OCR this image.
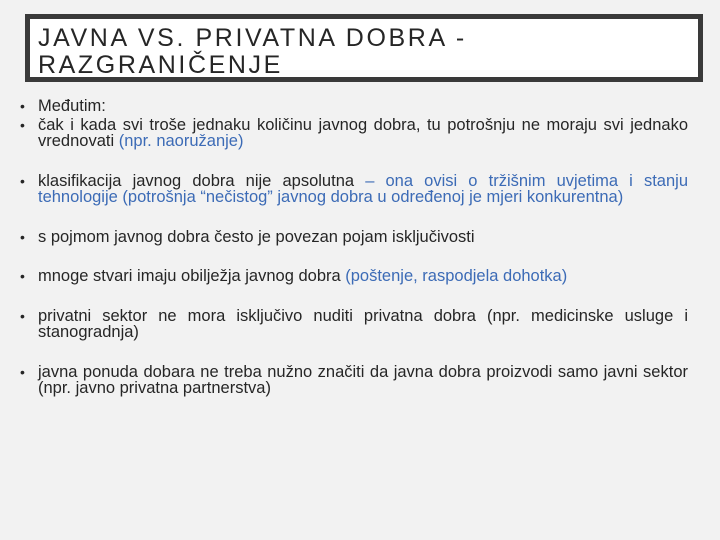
JAVNA VS. PRIVATNA DOBRA -
RAZGRANIČENJE
• Međutim:

• čak i kada svi troše jednaku količinu javnog dobra, tu potrošnju ne moraju svi jednako vrednovati (npr. naoružanje)

• klasifikacija javnog dobra nije apsolutna – ona ovisi o tržišnim uvjetima i stanju tehnologije (potrošnja “nečistog” javnog dobra u određenoj je mjeri konkurentna)

• s pojmom javnog dobra često je povezan pojam isključivosti

• mnoge stvari imaju obilježja javnog dobra (poštenje, raspodjela dohotka)

• privatni sektor ne mora isključivo nuditi privatna dobra (npr. medicinske usluge i stanogradnja)

• javna ponuda dobara ne treba nužno značiti da javna dobra proizvodi samo javni sektor (npr. javno privatna partnerstva)
